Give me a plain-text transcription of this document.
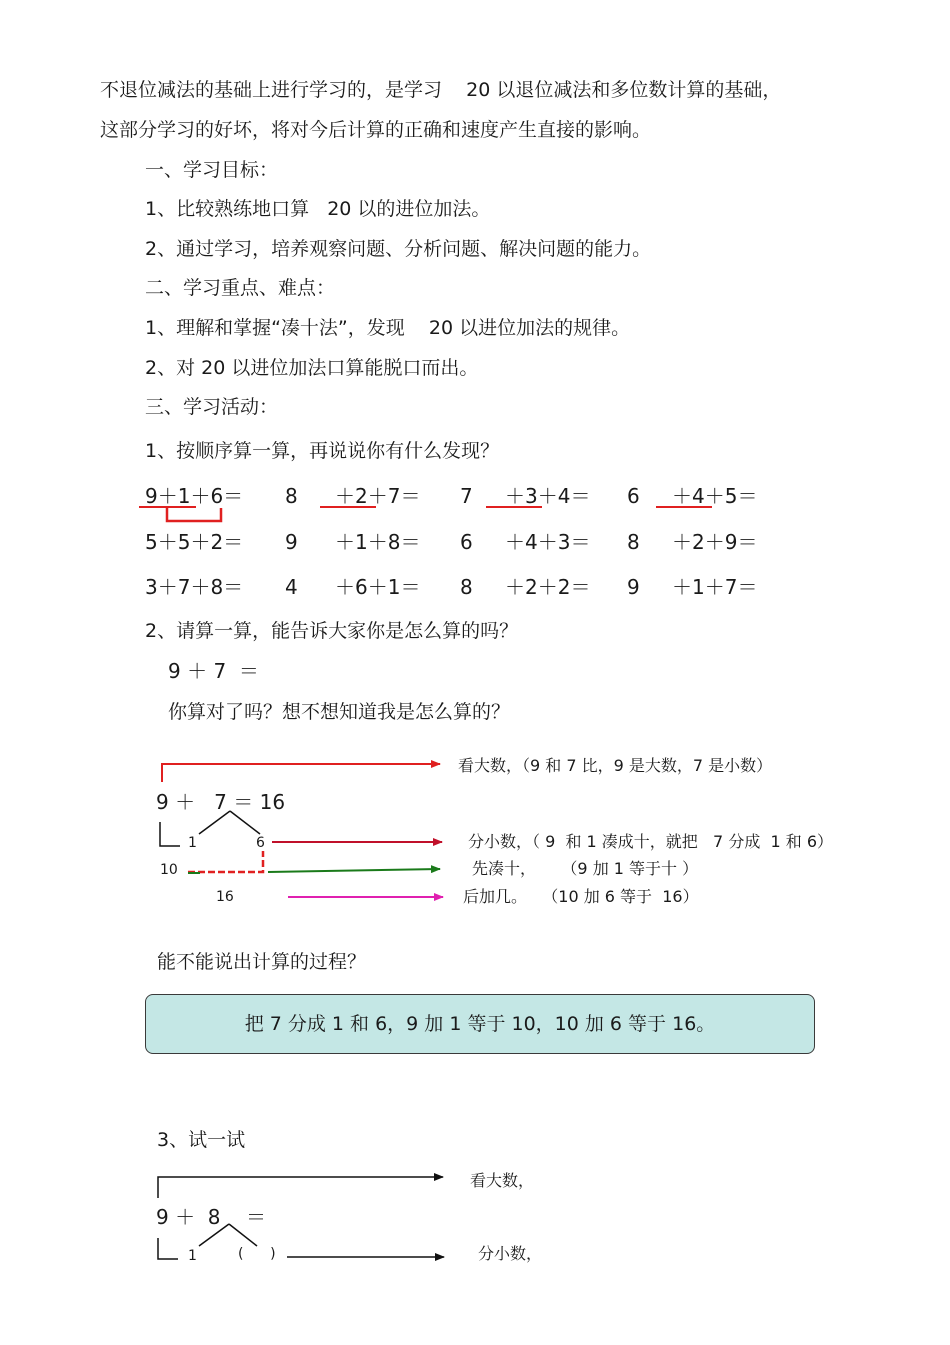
不退位减法的基础上进行学习的，是学习    20 以退位减法和多位数计算的基础，
这部分学习的好坏，将对今后计算的正确和速度产生直接的影响。
一、学习目标：
1、比较熟练地口算   20 以的进位加法。
2、通过学习，培养观察问题、分析问题、解决问题的能力。
二、学习重点、难点：
1、理解和掌握“凑十法”，发现    20 以进位加法的规律。
2、对 20 以进位加法口算能脱口而出。
三、学习活动：
1、按顺序算一算，再说说你有什么发现？
9＋1＋6＝ 8 ＋2＋7＝ 7 ＋3＋4＝ 6 ＋4＋5＝
5＋5＋2＝ 9 ＋1＋8＝ 6 ＋4＋3＝ 8 ＋2＋9＝
3＋7＋8＝ 4 ＋6＋1＝ 8 ＋2＋2＝ 9 ＋1＋7＝
2、请算一算，能告诉大家你是怎么算的吗？
9 ＋ 7  ＝
你算对了吗？想不想知道我是怎么算的？
9 ＋   7 ＝ 16
1	6
10
16
看大数，（9 和 7 比，9 是大数，7 是小数）
分小数，（ 9  和 1 凑成十，就把   7 分成  1 和 6）
先凑十，     （9 加 1 等于十 ）
后加几。   （10 加 6 等于  16）
能不能说出计算的过程？
把 7 分成 1 和 6，9 加 1 等于 10，10 加 6 等于 16。
3、试一试
9 ＋  8    ＝
1	(      )
看大数，
分小数，
